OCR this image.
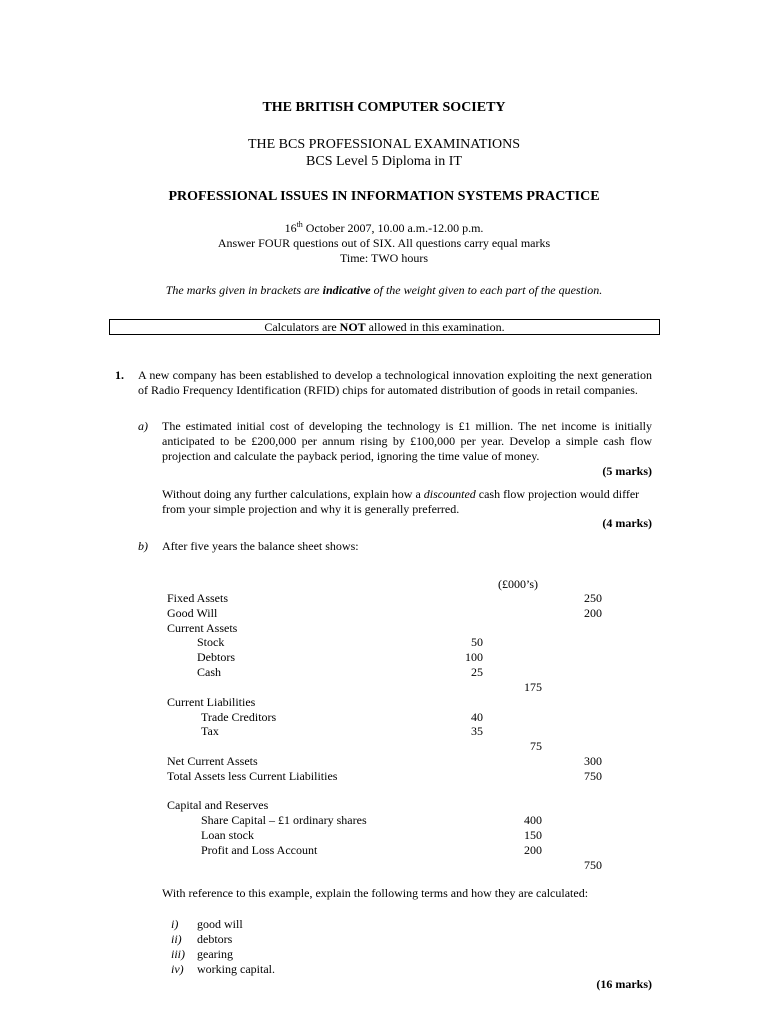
THE BRITISH COMPUTER SOCIETY
THE BCS PROFESSIONAL EXAMINATIONS
BCS Level 5 Diploma in IT
PROFESSIONAL ISSUES IN INFORMATION SYSTEMS PRACTICE
16th October 2007, 10.00 a.m.-12.00 p.m.
Answer FOUR questions out of SIX. All questions carry equal marks
Time: TWO hours
The marks given in brackets are indicative of the weight given to each part of the question.
Calculators are NOT allowed in this examination.
1. A new company has been established to develop a technological innovation exploiting the next generation of Radio Frequency Identification (RFID) chips for automated distribution of goods in retail companies.
a) The estimated initial cost of developing the technology is £1 million. The net income is initially anticipated to be £200,000 per annum rising by £100,000 per year. Develop a simple cash flow projection and calculate the payback period, ignoring the time value of money.
(5 marks)
Without doing any further calculations, explain how a discounted cash flow projection would differ from your simple projection and why it is generally preferred.
(4 marks)
b) After five years the balance sheet shows:
(£000’s)
Fixed Assets	250
Good Will	200
Current Assets
Stock	50
Debtors	100
Cash	25
175
Current Liabilities
Trade Creditors	40
Tax	35
75
Net Current Assets	300
Total Assets less Current Liabilities	750
Capital and Reserves
Share Capital – £1 ordinary shares	400
Loan stock	150
Profit and Loss Account	200
750
With reference to this example, explain the following terms and how they are calculated:
i) good will
ii) debtors
iii) gearing
iv) working capital.
(16 marks)
